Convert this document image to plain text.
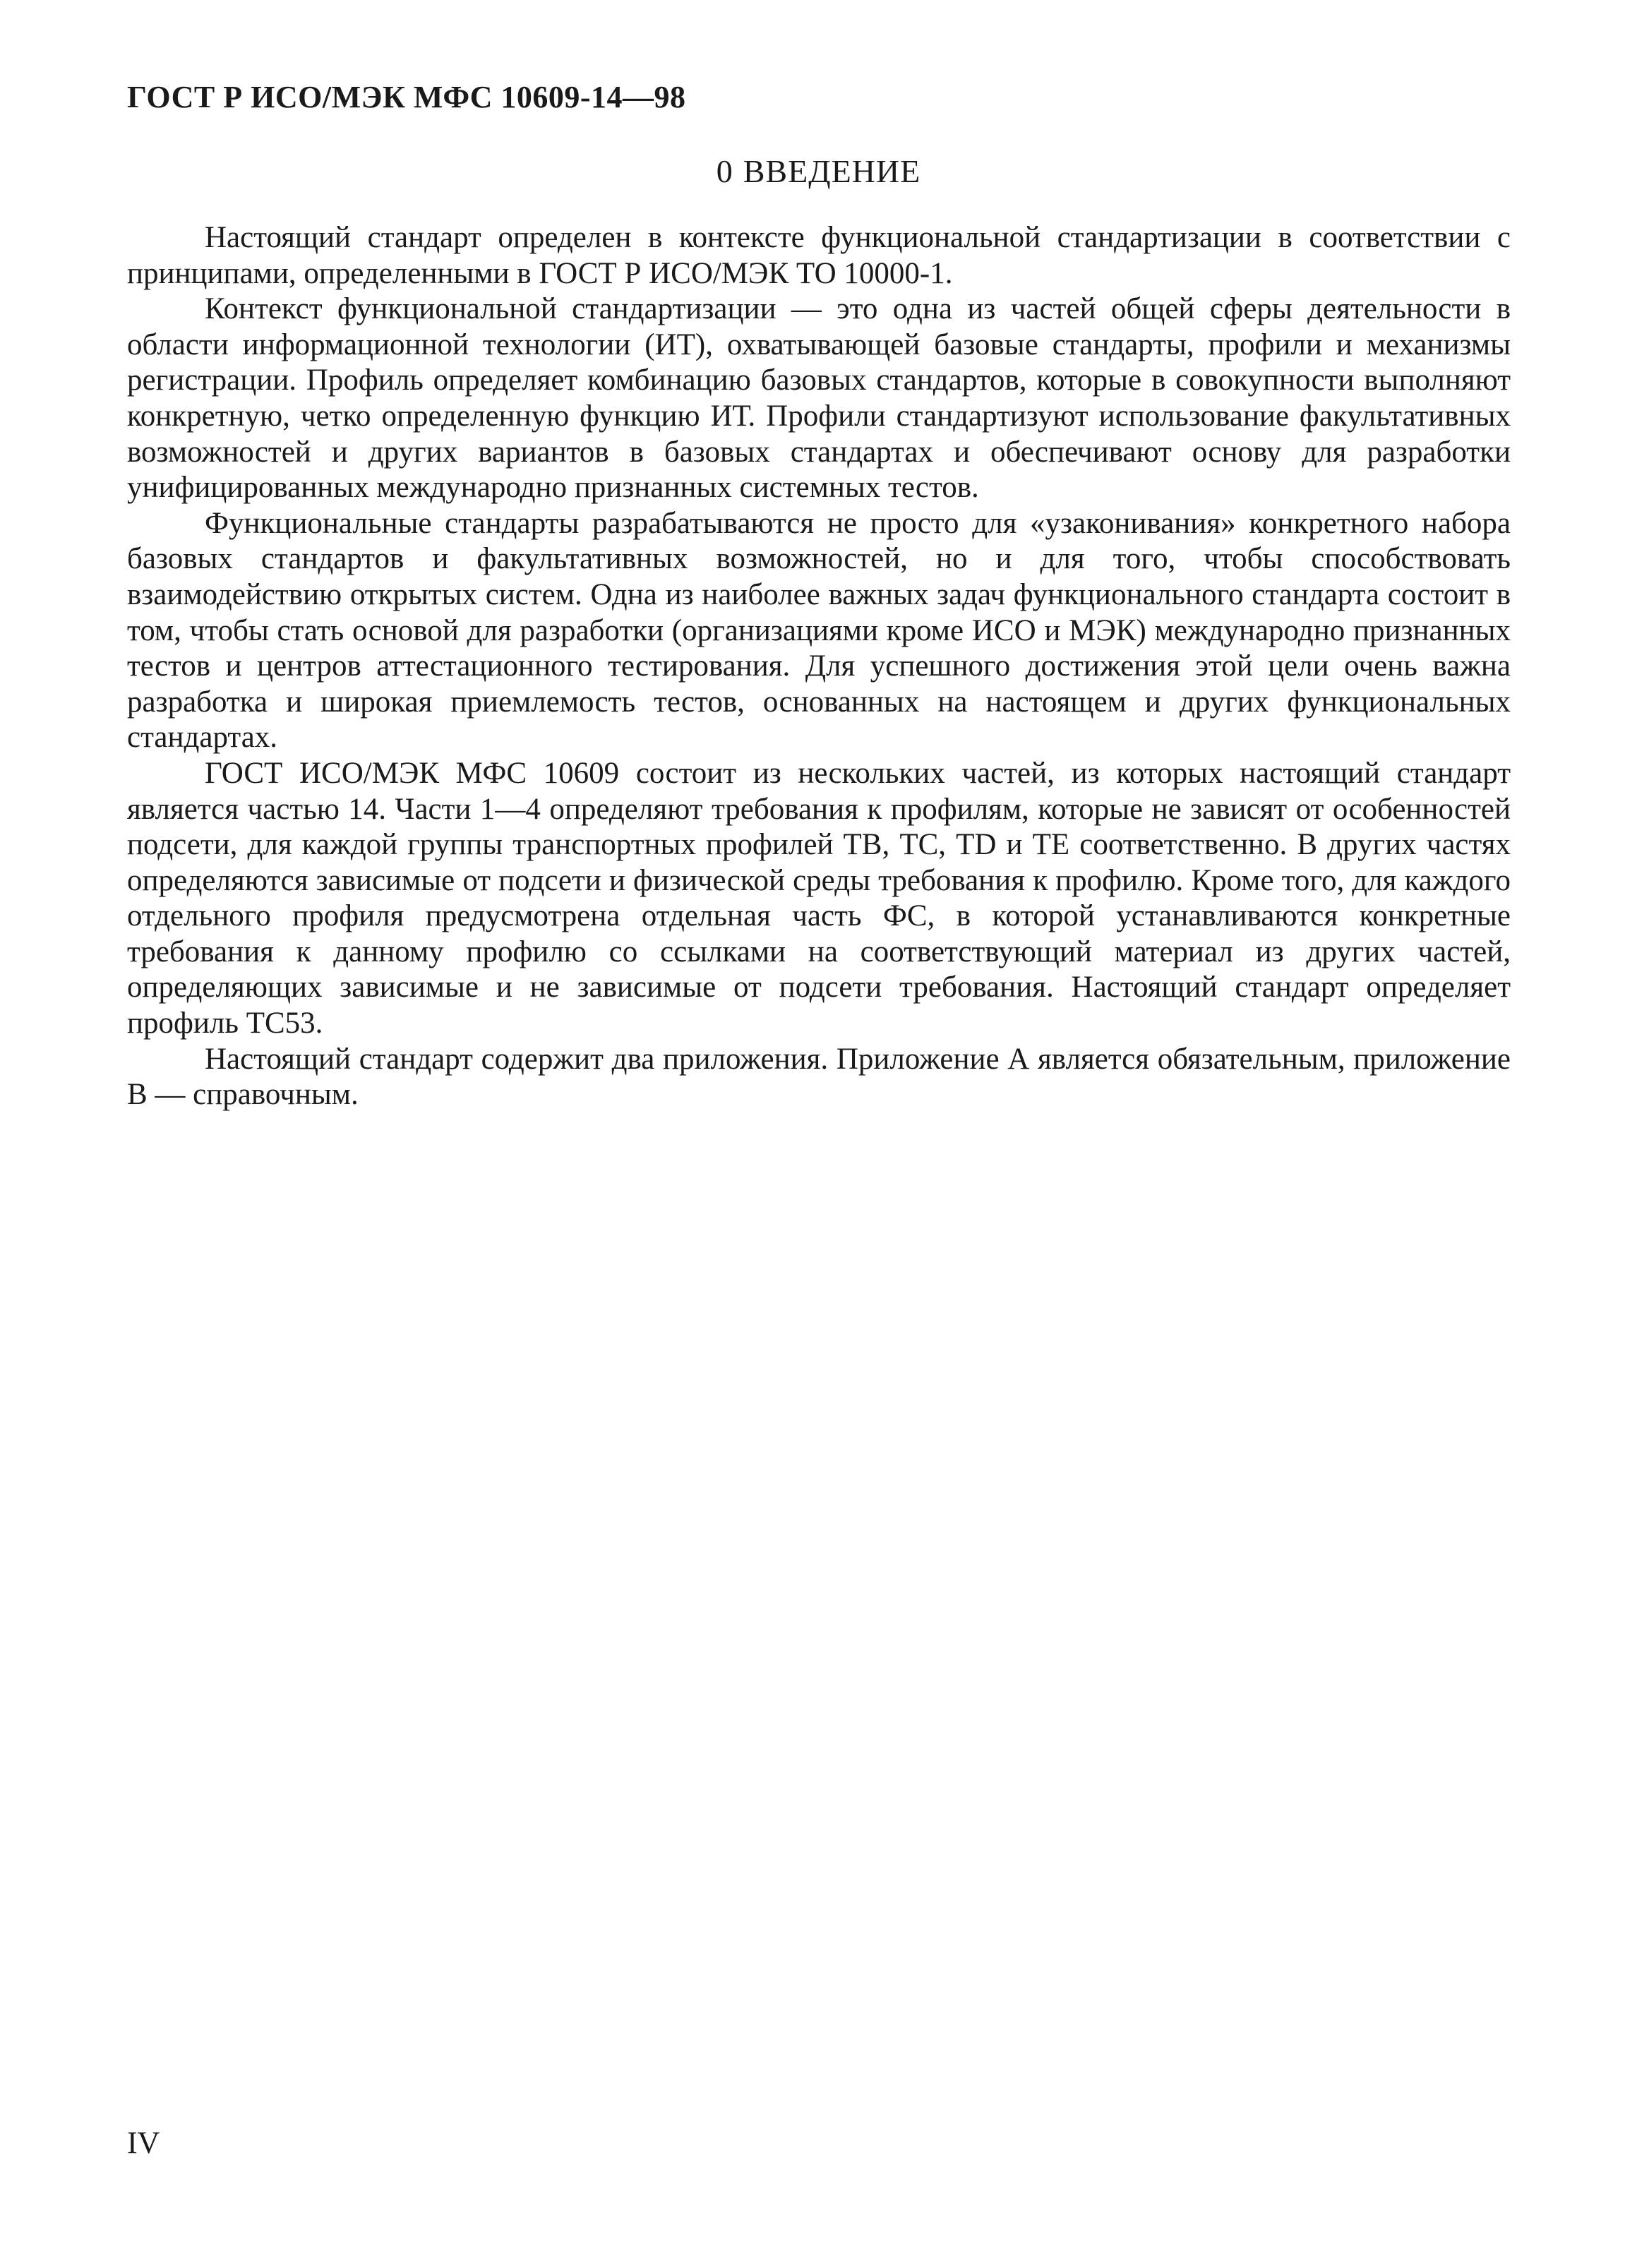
ГОСТ Р ИСО/МЭК МФС 10609-14—98
0 ВВЕДЕНИЕ

Настоящий стандарт определен в контексте функциональной стандартизации в соответствии с принципами, определенными в ГОСТ Р ИСО/МЭК ТО 10000-1.

Контекст функциональной стандартизации — это одна из частей общей сферы деятельности в области информационной технологии (ИТ), охватывающей базовые стандарты, профили и механизмы регистрации. Профиль определяет комбинацию базовых стандартов, которые в совокупности выполняют конкретную, четко определенную функцию ИТ. Профили стандартизуют использование факультативных возможностей и других вариантов в базовых стандартах и обеспечивают основу для разработки унифицированных международно признанных системных тестов.

Функциональные стандарты разрабатываются не просто для «узаконивания» конкретного набора базовых стандартов и факультативных возможностей, но и для того, чтобы способствовать взаимодействию открытых систем. Одна из наиболее важных задач функционального стандарта состоит в том, чтобы стать основой для разработки (организациями кроме ИСО и МЭК) международно признанных тестов и центров аттестационного тестирования. Для успешного достижения этой цели очень важна разработка и широкая приемлемость тестов, основанных на настоящем и других функциональных стандартах.

ГОСТ ИСО/МЭК МФС 10609 состоит из нескольких частей, из которых настоящий стандарт является частью 14. Части 1—4 определяют требования к профилям, которые не зависят от особенностей подсети, для каждой группы транспортных профилей ТВ, ТС, TD и ТЕ соответственно. В других частях определяются зависимые от подсети и физической среды требования к профилю. Кроме того, для каждого отдельного профиля предусмотрена отдельная часть ФС, в которой устанавливаются конкретные требования к данному профилю со ссылками на соответствующий материал из других частей, определяющих зависимые и не зависимые от подсети требования. Настоящий стандарт определяет профиль ТС53.

Настоящий стандарт содержит два приложения. Приложение А является обязательным, приложение В — справочным.

IV
